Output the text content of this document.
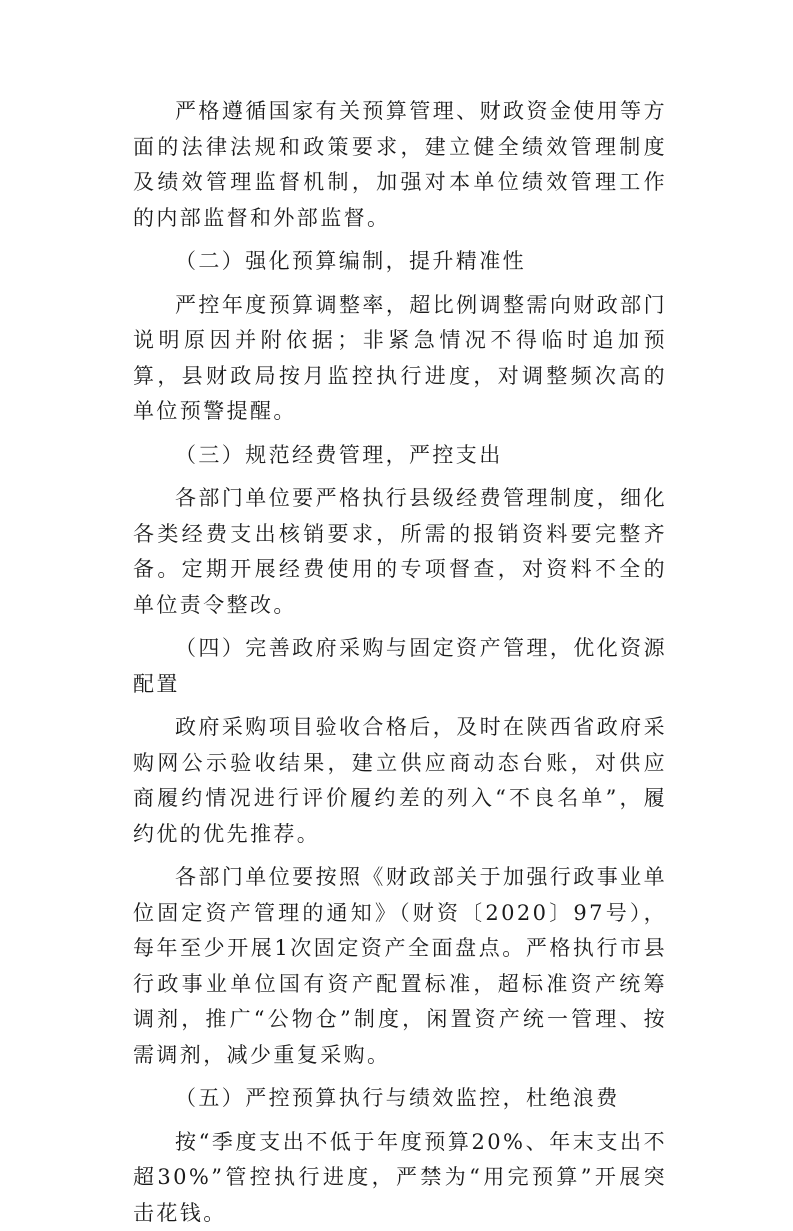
严格遵循国家有关预算管理、财政资金使用等方面的法律法规和政策要求，建立健全绩效管理制度及绩效管理监督机制，加强对本单位绩效管理工作的内部监督和外部监督。

（二）强化预算编制，提升精准性

严控年度预算调整率，超比例调整需向财政部门说明原因并附依据；非紧急情况不得临时追加预算，县财政局按月监控执行进度，对调整频次高的单位预警提醒。

（三）规范经费管理，严控支出

各部门单位要严格执行县级经费管理制度，细化各类经费支出核销要求，所需的报销资料要完整齐备。定期开展经费使用的专项督查，对资料不全的单位责令整改。

（四）完善政府采购与固定资产管理，优化资源配置

政府采购项目验收合格后，及时在陕西省政府采购网公示验收结果，建立供应商动态台账，对供应商履约情况进行评价履约差的列入“不良名单”，履约优的优先推荐。

各部门单位要按照《财政部关于加强行政事业单位固定资产管理的通知》（财资〔2020〕97号），每年至少开展1次固定资产全面盘点。严格执行市县行政事业单位国有资产配置标准，超标准资产统筹调剂，推广“公物仓”制度，闲置资产统一管理、按需调剂，减少重复采购。

（五）严控预算执行与绩效监控，杜绝浪费

按“季度支出不低于年度预算20%、年末支出不超30%”管控执行进度，严禁为“用完预算”开展突击花钱。
